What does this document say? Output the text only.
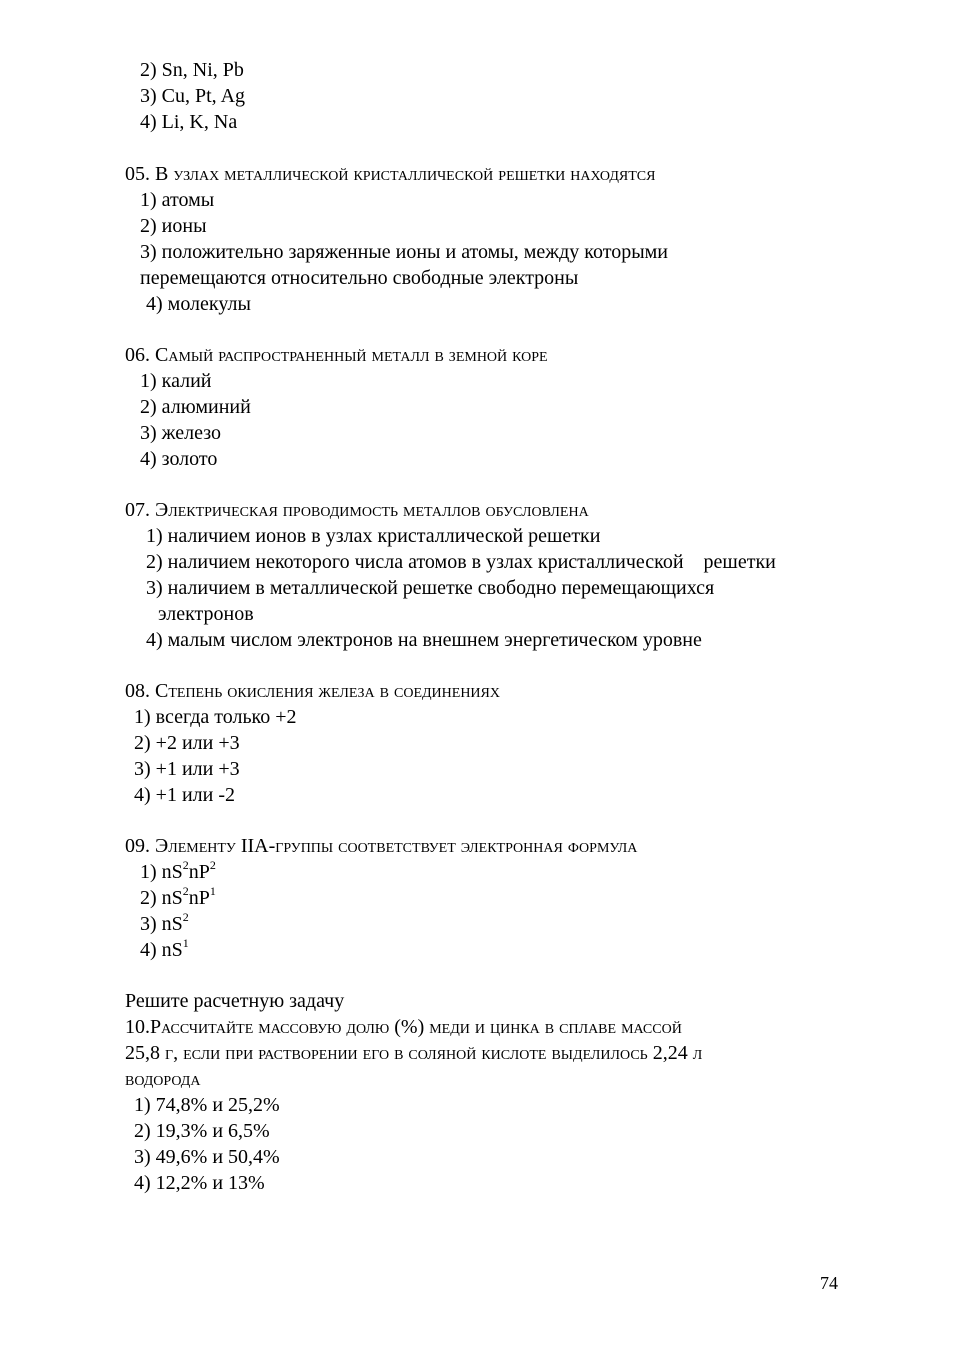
2) Sn, Ni, Pb
3) Cu, Pt, Ag
4) Li, K, Na
05. В узлах металлической кристаллической решетки находятся
1) атомы
2) ионы
3) положительно заряженные ионы и атомы, между которыми
перемещаются относительно свободные электроны
4) молекулы
06. Самый распространенный металл в земной коре
1) калий
2) алюминий
3) железо
4) золото
07. Электрическая проводимость металлов обусловлена
1) наличием ионов в узлах кристаллической решетки
2) наличием некоторого числа атомов в узлах кристаллической    решетки
3) наличием в металлической решетке свободно перемещающихся
электронов
4) малым числом электронов на внешнем энергетическом уровне
08. Степень окисления железа в соединениях
1) всегда только +2
2) +2 или +3
3) +1 или +3
4) +1 или -2
09. Элементу IIA-группы соответствует электронная формула
1) $nS^2nP^2$
2) $nS^2nP^1$
3) $nS^2$
4) $nS^1$
Решите расчетную задачу
10.Рассчитайте массовую долю (%) меди и цинка в сплаве массой
25,8 г, если при растворении его в соляной кислоте выделилось 2,24 л
водорода
1) 74,8% и 25,2%
2) 19,3% и 6,5%
3) 49,6% и 50,4%
4) 12,2% и 13%
74
